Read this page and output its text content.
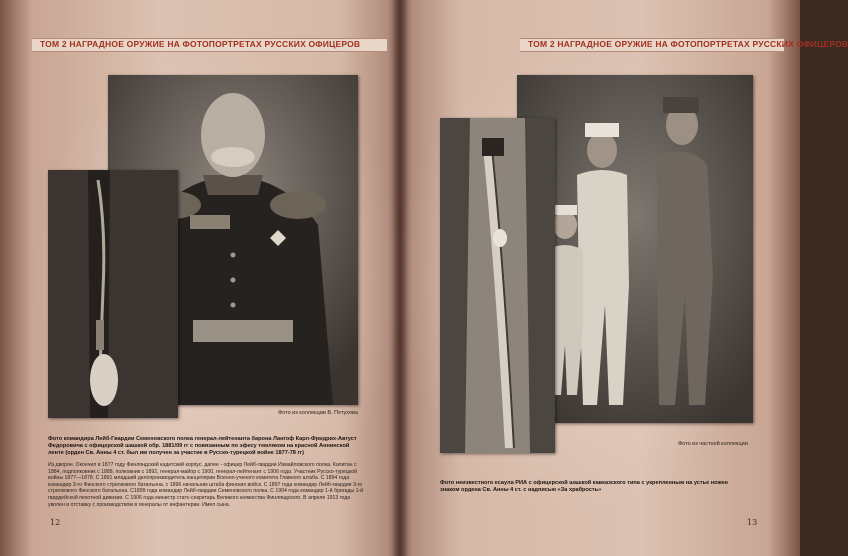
ТОМ 2 НАГРАДНОЕ ОРУЖИЕ НА ФОТОПОРТРЕТАХ РУССКИХ ОФИЦЕРОВ
Фото из коллекции В. Петухова
Фото командира Лейб-Гвардии Семеновского полка генерал-лейтенанта барона Лангоф Карл-Фридрих-Август Федоровича с офицерской шашкой обр. 1881/09 гг с повязанным по эфесу темляком на красной Аннинской ленте (орден Св. Анны 4 ст. был им получен за участие в Русско-турецкой войне 1877-78 гг)
Из дворян. Окончил в 1877 году Финляндский кадетский корпус. дапее - офицер Лейб-гвардии Измайловского полка. Капитан с 1884, подполковник с 1888, полковник с 1892, генерал-майор с 1900, генерал-лейтенант с 1906 года. Участник Русско-турецкой войны 1877—1878. С 1891 младший делопроизводитель канцелярии Военно-ученого комитета Главного штаба. С 1894 года командир 3-го Финского стрелкового батальона. с 1896 начальник штаба финских войск. С 1897 года командир Лейб-гвардии 3-го стрелкового Финского батальона. С1899 года командир Лейб-гвардии Семеновского полка. С 1904 года командир 1-й бригады 1-й гвардейской пехотной дивизии. С 1906 года министр статс-секретарь Великого княжества Финляндского. В апреле 1913 года уволен в отставку с производством в генералы от инфантерии. Имел сына.
12
ТОМ 2 НАГРАДНОЕ ОРУЖИЕ НА ФОТОПОРТРЕТАХ РУССКИХ ОФИЦЕРОВ
Фото из частной коллекции
Фото неизвестного есаула РИА с офицерской шашкой кавказского типа с укрепленным на устье ножен знаком ордена Св. Анны 4 ст. с надписью «За храбрость»
13
